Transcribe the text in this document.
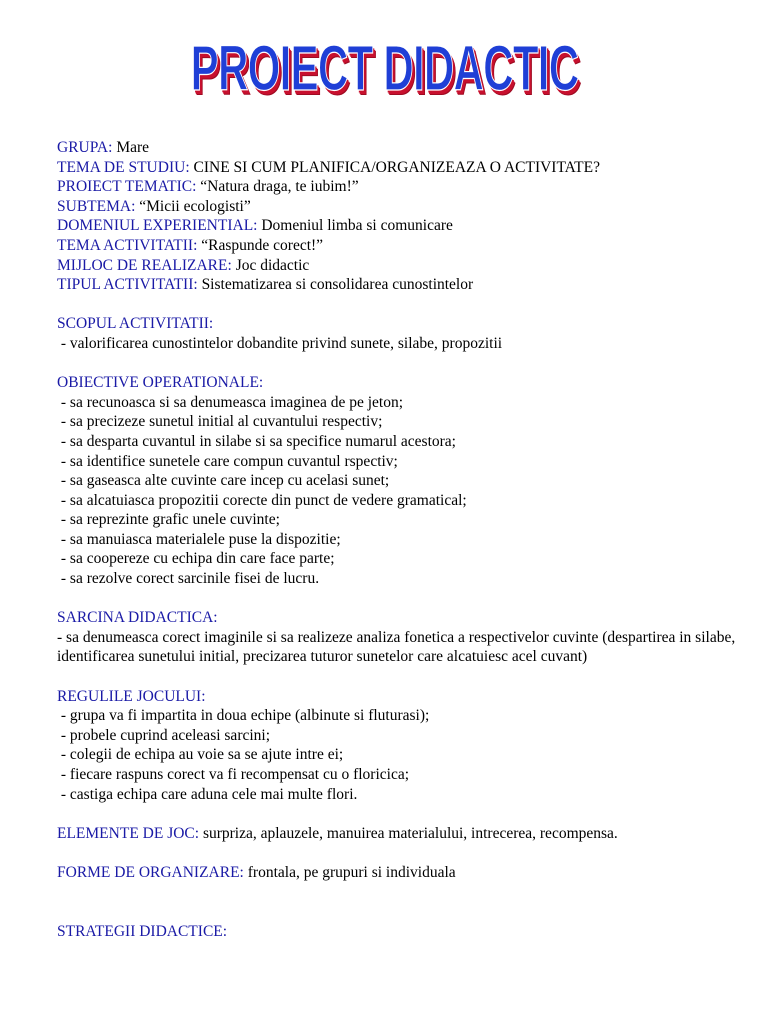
PROIECT DIDACTIC
GRUPA: Mare
TEMA DE STUDIU: CINE SI CUM PLANIFICA/ORGANIZEAZA O ACTIVITATE?
PROIECT TEMATIC: “Natura draga, te iubim!”
SUBTEMA: “Micii ecologisti”
DOMENIUL EXPERIENTIAL: Domeniul limba si comunicare
TEMA ACTIVITATII: “Raspunde corect!”
MIJLOC DE REALIZARE: Joc didactic
TIPUL ACTIVITATII: Sistematizarea si consolidarea cunostintelor
SCOPUL ACTIVITATII:
- valorificarea cunostintelor dobandite privind sunete, silabe, propozitii
OBIECTIVE OPERATIONALE:
- sa recunoasca si sa denumeasca imaginea de pe jeton;
- sa precizeze sunetul initial al cuvantului respectiv;
- sa desparta cuvantul in silabe si sa specifice numarul acestora;
- sa identifice sunetele care compun cuvantul rspectiv;
- sa gaseasca alte cuvinte care incep cu acelasi sunet;
- sa alcatuiasca propozitii corecte din punct de vedere gramatical;
- sa reprezinte grafic unele cuvinte;
- sa manuiasca materialele puse la dispozitie;
- sa coopereze cu echipa din care face parte;
- sa rezolve corect sarcinile fisei de lucru.
SARCINA DIDACTICA:
- sa denumeasca corect imaginile si sa realizeze analiza fonetica a respectivelor cuvinte (despartirea in silabe, identificarea sunetului initial, precizarea tuturor sunetelor care alcatuiesc acel cuvant)
REGULILE JOCULUI:
- grupa va fi impartita in doua echipe (albinute si fluturasi);
- probele cuprind aceleasi sarcini;
- colegii de echipa au voie sa se ajute intre ei;
- fiecare raspuns corect va fi recompensat cu o floricica;
- castiga echipa care aduna cele mai multe flori.
ELEMENTE DE JOC: surpriza, aplauzele, manuirea materialului, intrecerea, recompensa.
FORME DE ORGANIZARE: frontala, pe grupuri si individuala
STRATEGII DIDACTICE:
